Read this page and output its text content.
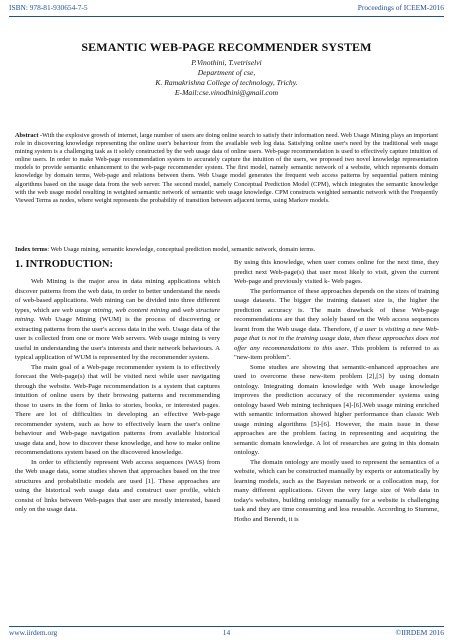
ISBN: 978-81-930654-7-5	Proceedings of ICEEM-2016
SEMANTIC WEB-PAGE RECOMMENDER SYSTEM
P.Vinothini, T.vetriselvi
Department of cse,
K. Ramakrishna College of technology, Trichy.
E-Mail:cse.vinodhini@gmail.com
Abstract -With the explosive growth of internet, large number of users are doing online search to satisfy their information need. Web Usage Mining plays an important role in discovering knowledge representing the online user's behaviour from the available web log data. Satisfying online user's need by the traditional web usage mining system is a challenging task as it solely constructed by the web usage data of online users. Web-page recommendation is used to effectively capture intuition of online users. In order to make Web-page recommendation system to accurately capture the intuition of the users, we proposed two novel knowledge representation models to provide semantic enhancement to the web-page recommender system. The first model, namely semantic network of a website, which represents domain knowledge by domain terms, Web-page and relations between them. Web Usage model generates the frequent web access patterns by sequential pattern mining algorithms based on the usage data from the web server. The second model, namely Conceptual Prediction Model (CPM), which integrates the semantic knowledge with the web usage model resulting in weighted semantic network of semantic web usage knowledge. CPM constructs weighted semantic network with the Frequently Viewed Terms as nodes, where weight represents the probability of transition between adjacent terms, using Markov models.
Index terms: Web Usage mining, semantic knowledge, conceptual prediction model, semantic network, domain terms.
1. INTRODUCTION:

Web Mining is the major area in data mining applications which discover patterns from the web data, in order to better understand the needs of web-based applications. Web mining can be divided into three different types, which are web usage mining, web content mining and web structure mining. Web Usage Mining (WUM) is the process of discovering or extracting patterns from the user's access data in the web. Usage data of the user is collected from one or more Web servers. Web usage mining is very useful in understanding the user's interests and their network behaviours. A typical application of WUM is represented by the recommender system.

The main goal of a Web-page recommender system is to effectively forecast the Web-page(s) that will be visited next while user navigating through the website. Web-Page recommendation is a system that captures intuition of online users by their browsing patterns and recommending those to users in the form of links to stories, books, or interested pages. There are lot of difficulties in developing an effective Web-page recommender system, such as how to effectively learn the user's online behaviour and Web-page navigation patterns from available historical usage data and, how to discover these knowledge, and how to make online recommendations system based on the discovered knowledge.

In order to efficiently represent Web access sequences (WAS) from the Web usage data, some studies shown that approaches based on the tree structures and probabilistic models are used [1]. These approaches are using the historical web usage data and construct user profile, which consist of links between Web-pages that user are mostly interested, based only on the usage data.

By using this knowledge, when user comes online for the next time, they predict next Web-page(s) that user most likely to visit, given the current Web-page and previously visited k- Web pages.

The performance of these approaches depends on the sizes of training usage datasets. The bigger the training dataset size is, the higher the prediction accuracy is. The main drawback of these Web-page recommendations are that they solely based on the Web access sequences learnt from the Web usage data. Therefore, if a user is visiting a new Web-page that is not in the training usage data, then these approaches does not offer any recommendations to this user. This problem is referred to as "new-item problem".

Some studies are showing that semantic-enhanced approaches are used to overcome these new-item problem [2],[3] by using domain ontology. Integrating domain knowledge with Web usage knowledge improves the prediction accuracy of the recommender systems using ontology based Web mining techniques [4]-[6].Web usage mining enriched with semantic information showed higher performance than classic Web usage mining algorithms [5]-[6]. However, the main issue in these approaches are the problem facing in representing and acquiring the semantic domain knowledge. A lot of researches are going in this domain ontology.

The domain ontology are mostly used to represent the semantics of a website, which can be constructed manually by experts or automatically by learning models, such as the Bayesian network or a collocation map, for many different applications. Given the very large size of Web data in today's websites, building ontology manually for a website is challenging task and they are time consuming and less reusable. According to Stumme, Hotho and Berendt, it is

www.iirdem.org	14	©IIRDEM 2016
